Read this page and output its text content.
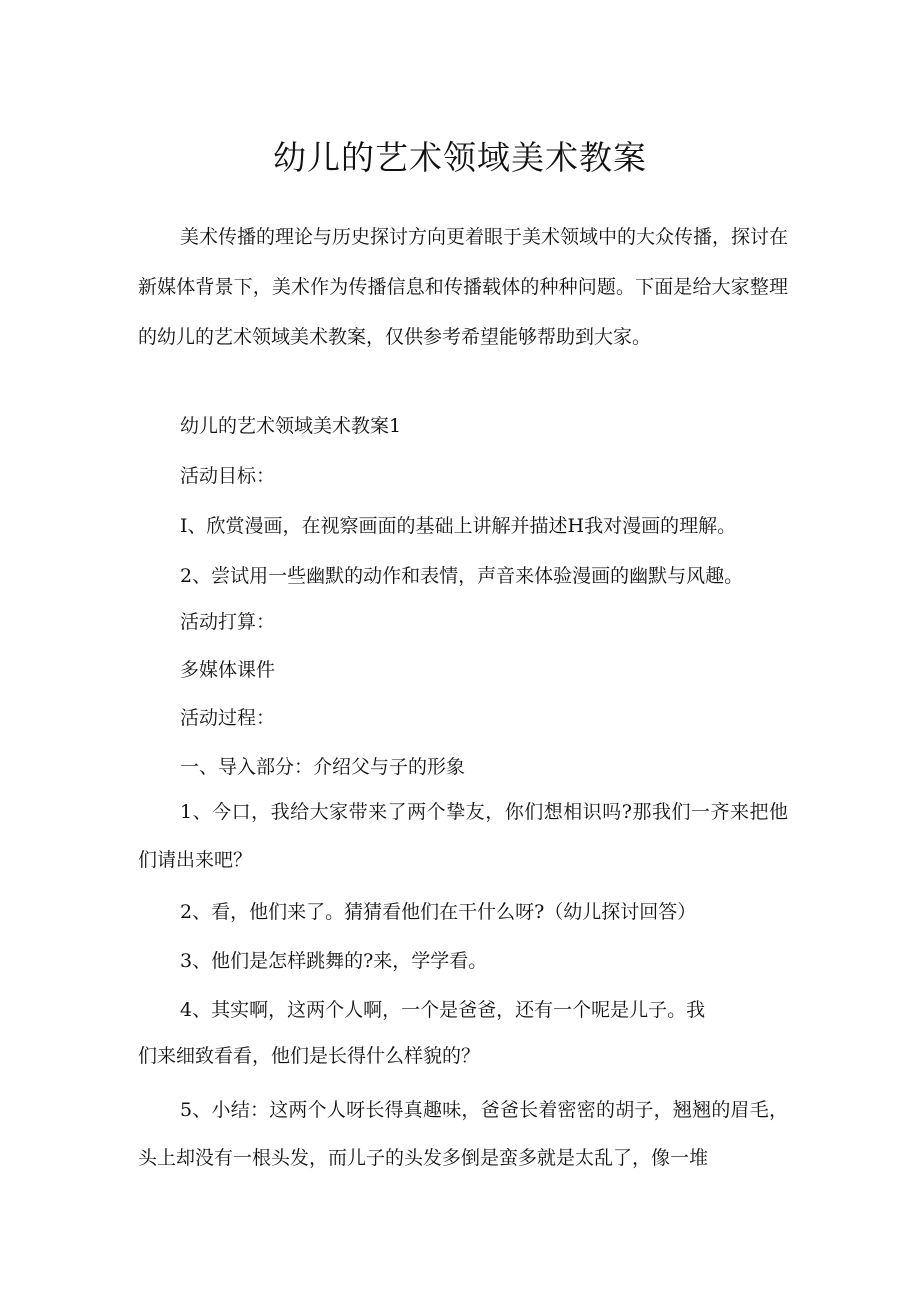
幼儿的艺术领域美术教案

美术传播的理论与历史探讨方向更着眼于美术领域中的大众传播，探讨在新媒体背景下，美术作为传播信息和传播载体的种种问题。下面是给大家整理的幼儿的艺术领域美术教案，仅供参考希望能够帮助到大家。

幼儿的艺术领域美术教案1

活动目标：

I、欣赏漫画，在视察画面的基础上讲解并描述H我对漫画的理解。

2、尝试用一些幽默的动作和表情，声音来体验漫画的幽默与风趣。

活动打算：

多媒体课件

活动过程：

一、导入部分：介绍父与子的形象

1、今口，我给大家带来了两个挚友，你们想相识吗?那我们一齐来把他们请出来吧？

2、看，他们来了。猜猜看他们在干什么呀?（幼儿探讨回答）

3、他们是怎样跳舞的?来，学学看。

4、其实啊，这两个人啊，一个是爸爸，还有一个呢是儿子。我

们来细致看看，他们是长得什么样貌的？

5、小结：这两个人呀长得真趣味，爸爸长着密密的胡子，翘翘的眉毛，头上却没有一根头发，而儿子的头发多倒是蛮多就是太乱了，像一堆
